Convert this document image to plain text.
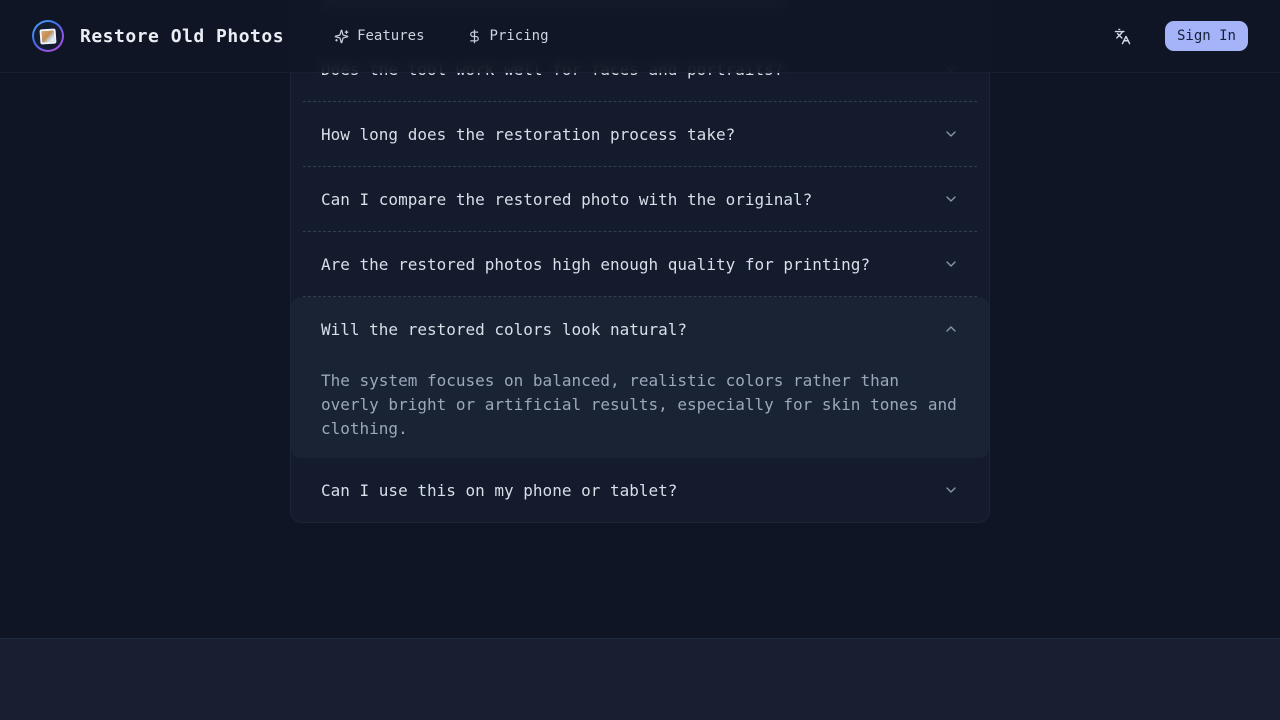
How long does the restoration process take?
Can I compare the restored photo with the original?
Are the restored photos high enough quality for printing?
Will the restored colors look natural?
The system focuses on balanced, realistic colors rather than overly bright or artificial results, especially for skin tones and clothing.
Can I use this on my phone or tablet?
Restore Old Photos	Features	Pricing	Sign In
